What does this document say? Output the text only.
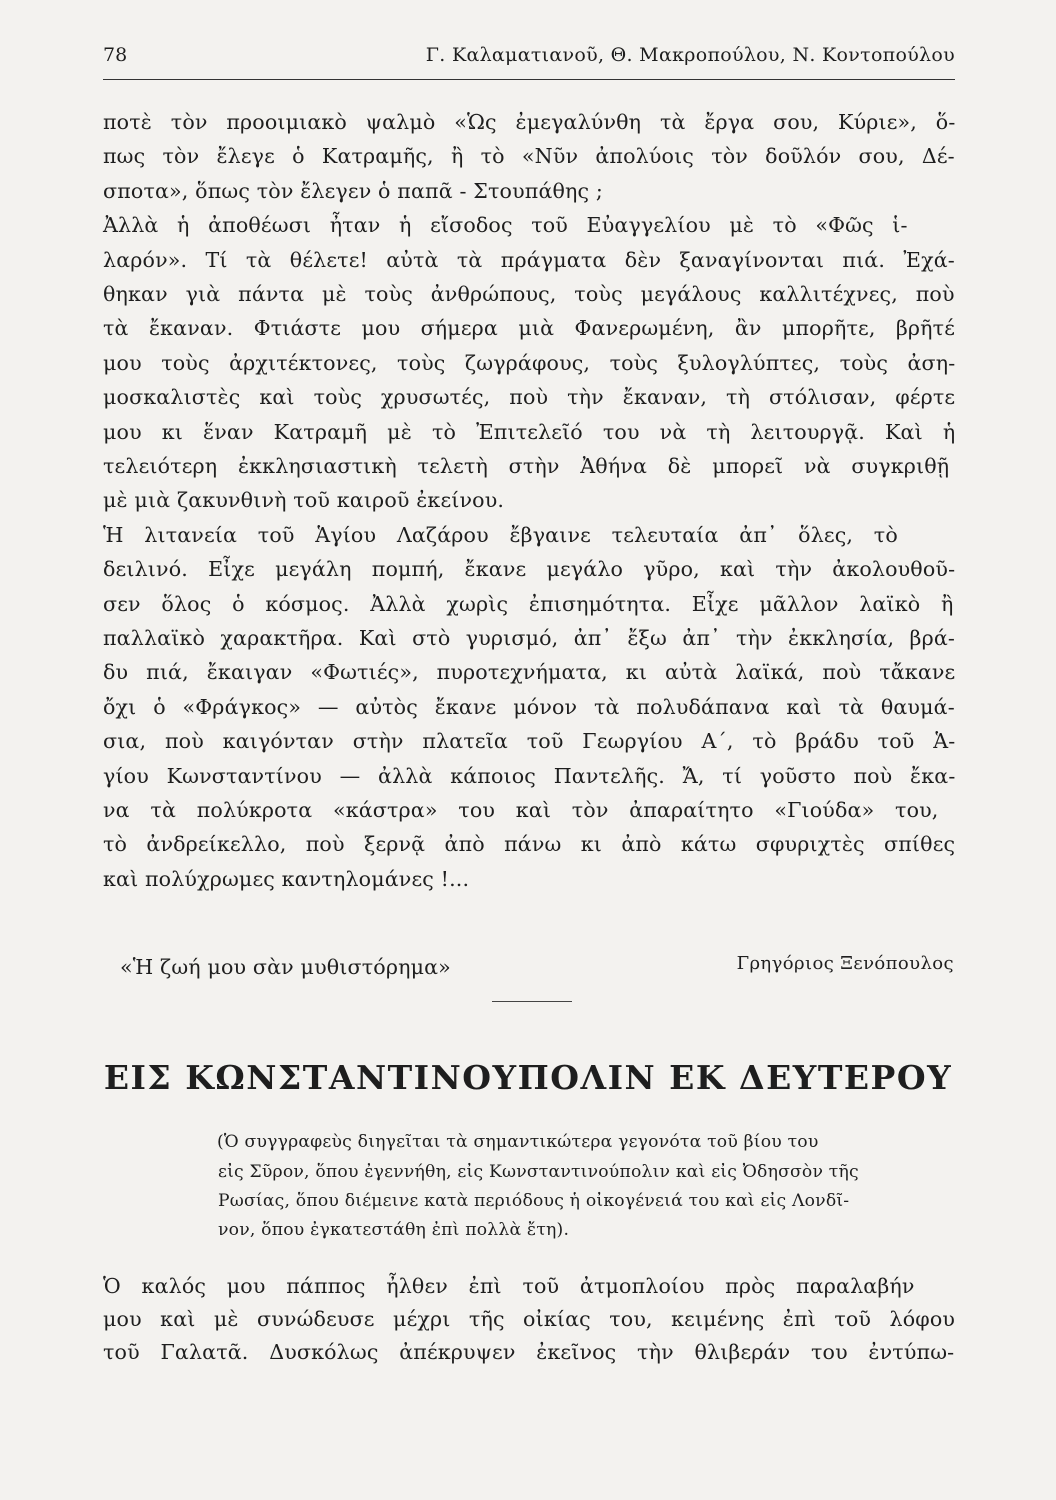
78	Γ. Καλαματιανοῦ, Θ. Μακροπούλου, Ν. Κοντοπούλου
ποτὲ τὸν προοιμιακὸ ψαλμὸ «Ὡς ἐμεγαλύνθη τὰ ἔργα σου, Κύριε», ὅ-
πως τὸν ἔλεγε ὁ Κατραμῆς, ἢ τὸ «Νῦν ἀπολύοις τὸν δοῦλόν σου, Δέ-
σποτα», ὅπως τὸν ἔλεγεν ὁ παπᾶ - Στουπάθης ;
Ἀλλὰ ἡ ἀποθέωσι ἦταν ἡ εἴσοδος τοῦ Εὐαγγελίου μὲ τὸ «Φῶς ἱ-
λαρόν». Τί τὰ θέλετε! αὐτὰ τὰ πράγματα δὲν ξαναγίνονται πιά. Ἐχά-
θηκαν γιὰ πάντα μὲ τοὺς ἀνθρώπους, τοὺς μεγάλους καλλιτέχνες, ποὺ
τὰ ἔκαναν. Φτιάστε μου σήμερα μιὰ Φανερωμένη, ἂν μπορῆτε, βρῆτέ
μου τοὺς ἀρχιτέκτονες, τοὺς ζωγράφους, τοὺς ξυλογλύπτες, τοὺς ἀση-
μοσκαλιστὲς καὶ τοὺς χρυσωτές, ποὺ τὴν ἔκαναν, τὴ στόλισαν, φέρτε
μου κι ἕναν Κατραμῆ μὲ τὸ Ἐπιτελεῖό του νὰ τὴ λειτουργᾷ. Καὶ ἡ
τελειότερη ἐκκλησιαστικὴ τελετὴ στὴν Ἀθήνα δὲ μπορεῖ νὰ συγκριθῇ
μὲ μιὰ ζακυνθινὴ τοῦ καιροῦ ἐκείνου.
Ἡ λιτανεία τοῦ Ἁγίου Λαζάρου ἔβγαινε τελευταία ἀπ᾽ ὅλες, τὸ
δειλινό. Εἶχε μεγάλη πομπή, ἔκανε μεγάλο γῦρο, καὶ τὴν ἀκολουθοῦ-
σεν ὅλος ὁ κόσμος. Ἀλλὰ χωρὶς ἐπισημότητα. Εἶχε μᾶλλον λαϊκὸ ἢ
παλλαϊκὸ χαρακτῆρα. Καὶ στὸ γυρισμό, ἀπ᾽ ἔξω ἀπ᾽ τὴν ἐκκλησία, βρά-
δυ πιά, ἔκαιγαν «Φωτιές», πυροτεχνήματα, κι αὐτὰ λαϊκά, ποὺ τἄκανε
ὄχι ὁ «Φράγκος» — αὐτὸς ἔκανε μόνον τὰ πολυδάπανα καὶ τὰ θαυμά-
σια, ποὺ καιγόνταν στὴν πλατεῖα τοῦ Γεωργίου Α΄, τὸ βράδυ τοῦ Ἁ-
γίου Κωνσταντίνου — ἀλλὰ κάποιος Παντελῆς. Ἄ, τί γοῦστο ποὺ ἔκα-
να τὰ πολύκροτα «κάστρα» του καὶ τὸν ἀπαραίτητο «Γιούδα» του,
τὸ ἀνδρείκελλο, ποὺ ξερνᾷ ἀπὸ πάνω κι ἀπὸ κάτω σφυριχτὲς σπίθες
καὶ πολύχρωμες καντηλομάνες !...
«Ἡ ζωή μου σὰν μυθιστόρημα»	Γρηγόριος Ξενόπουλος
ΕΙΣ ΚΩΝΣΤΑΝΤΙΝΟΥΠΟΛΙΝ ΕΚ ΔΕΥΤΕΡΟΥ
(Ὁ συγγραφεὺς διηγεῖται τὰ σημαντικώτερα γεγονότα τοῦ βίου του
εἰς Σῦρον, ὅπου ἐγεννήθη, εἰς Κωνσταντινούπολιν καὶ εἰς Ὀδησσὸν τῆς
Ρωσίας, ὅπου διέμεινε κατὰ περιόδους ἡ οἰκογένειά του καὶ εἰς Λονδῖ-
νον, ὅπου ἐγκατεστάθη ἐπὶ πολλὰ ἔτη).
Ὁ καλός μου πάππος ἦλθεν ἐπὶ τοῦ ἀτμοπλοίου πρὸς παραλαβήν
μου καὶ μὲ συνώδευσε μέχρι τῆς οἰκίας του, κειμένης ἐπὶ τοῦ λόφου
τοῦ Γαλατᾶ. Δυσκόλως ἀπέκρυψεν ἐκεῖνος τὴν θλιβεράν του ἐντύπω-
